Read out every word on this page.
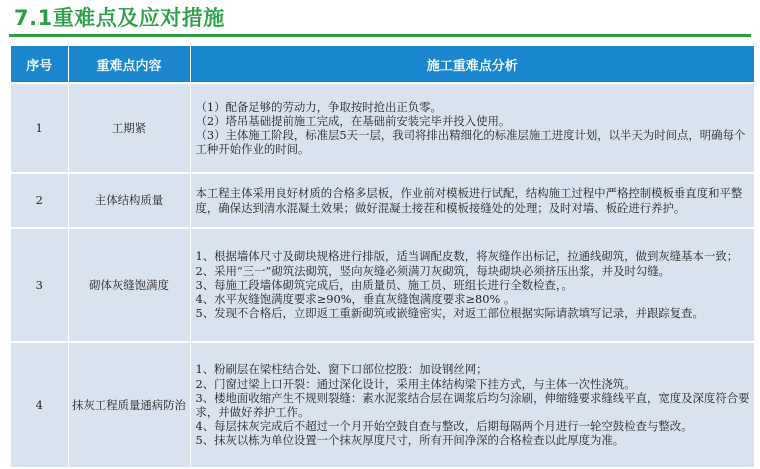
7.1重难点及应对措施
序号	重难点内容	施工重难点分析
1	工期紧	（1）配备足够的劳动力，争取按时抢出正负零。
（2）塔吊基础提前施工完成，在基础前安装完毕并投入使用。
（3）主体施工阶段，标准层5天一层，我司将排出精细化的标准层施工进度计划，以半天为时间点，明确每个工种开始作业的时间。

2	主体结构质量	本工程主体采用良好材质的合格多层板，作业前对模板进行试配，结构施工过程中严格控制模板垂直度和平整度，确保达到清水混凝土效果；做好混凝土接茬和模板接缝处的处理；及时对墙、板砼进行养护。

3	砌体灰缝饱满度	1、根据墙体尺寸及砌块规格进行排版，适当调配皮数，将灰缝作出标记，拉通线砌筑，做到灰缝基本一致；
2、采用“三一”砌筑法砌筑，竖向灰缝必须满刀灰砌筑，每块砌块必须挤压出浆，并及时勾缝。
3、每施工段墙体砌筑完成后，由质量员、施工员、班组长进行全数检查，。
4、水平灰缝饱满度要求≥90%，垂直灰缝饱满度要求≥80% 。
5、发现不合格后，立即返工重新砌筑或嵌缝密实，对返工部位根据实际请款填写记录，并跟踪复查。

4	抹灰工程质量通病防治	1、粉刷层在梁柱结合处、窗下口部位挖股：加设钢丝网；
2、门窗过梁上口开裂：通过深化设计，采用主体结构梁下挂方式，与主体一次性浇筑。
3、楼地面收缩产生不规则裂缝：素水泥浆结合层在调浆后均匀涂刷，伸缩缝要求缝线平直，宽度及深度符合要求，并做好养护工作。
4、每层抹灰完成后不超过一个月开始空鼓自查与整改，后期每隔两个月进行一轮空鼓检查与整改。
5、抹灰以栋为单位设置一个抹灰厚度尺寸，所有开间净深的合格检查以此厚度为准。
